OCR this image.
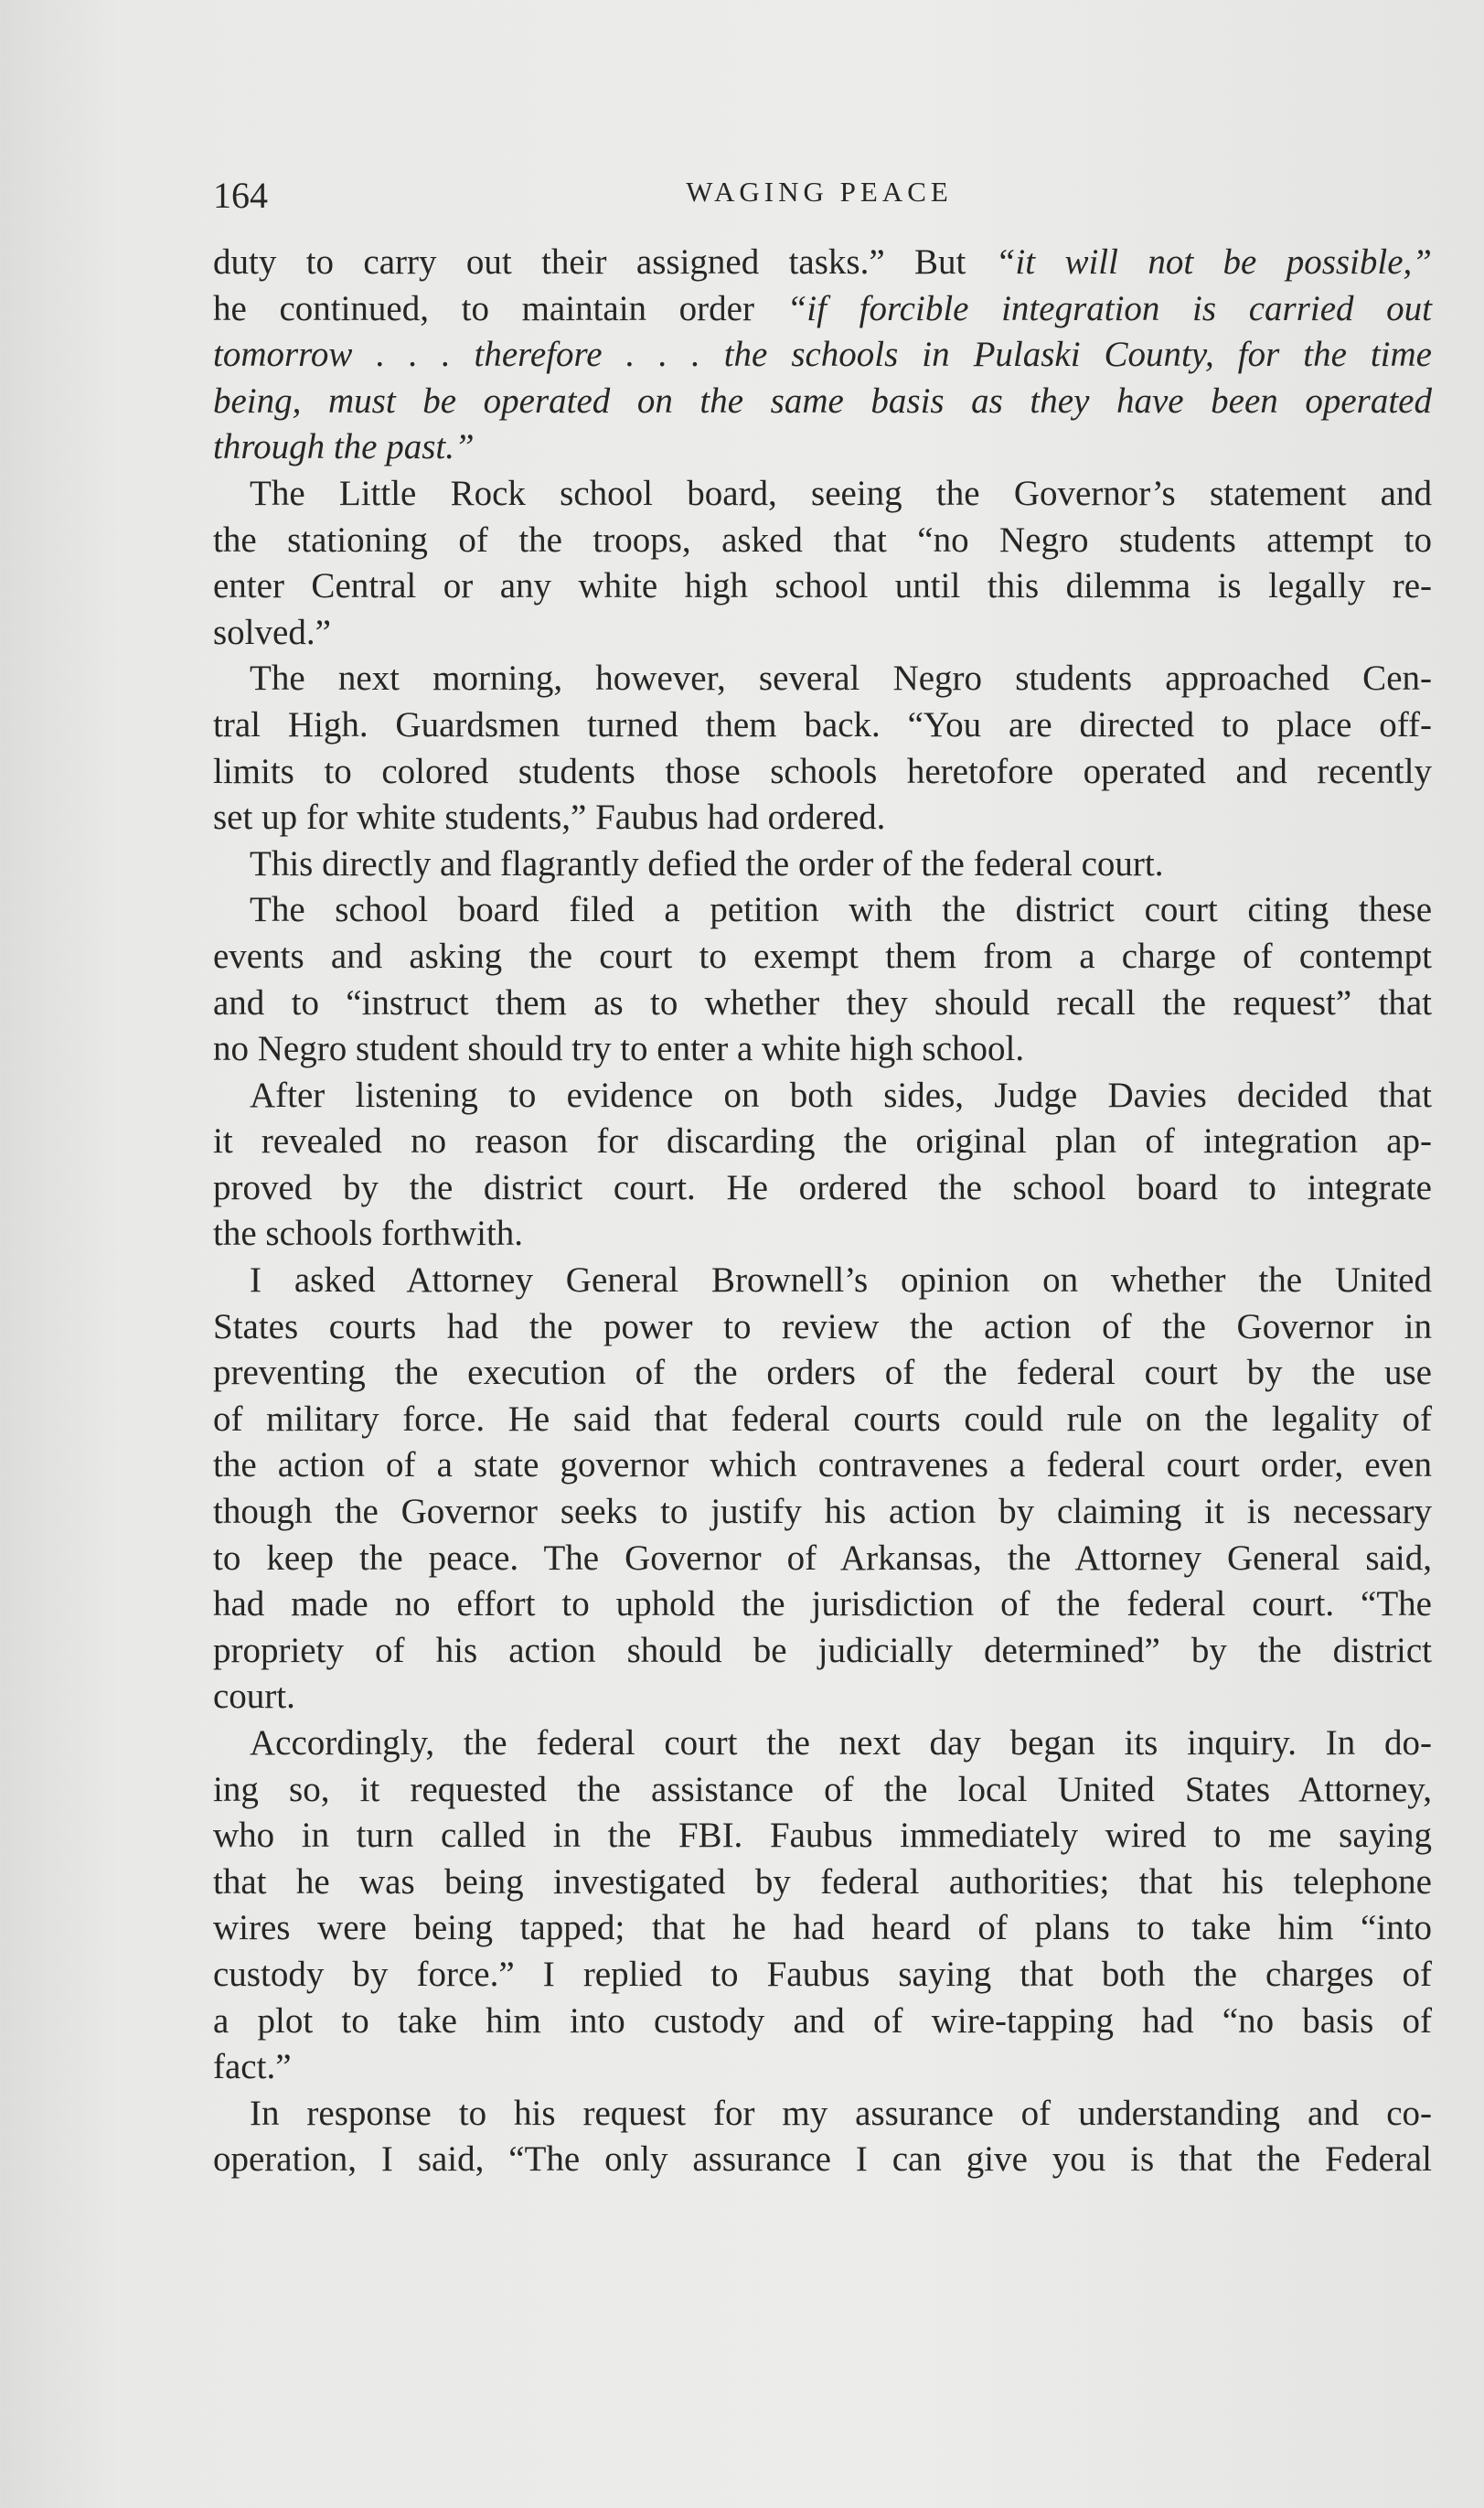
164	WAGING PEACE
duty to carry out their assigned tasks.” But “it will not be possible,”
he continued, to maintain order “if forcible integration is carried out
tomorrow . . . therefore . . . the schools in Pulaski County, for the time
being, must be operated on the same basis as they have been operated
through the past.”
The Little Rock school board, seeing the Governor’s statement and
the stationing of the troops, asked that “no Negro students attempt to
enter Central or any white high school until this dilemma is legally re-
solved.”
The next morning, however, several Negro students approached Cen-
tral High. Guardsmen turned them back. “You are directed to place off-
limits to colored students those schools heretofore operated and recently
set up for white students,” Faubus had ordered.
This directly and flagrantly defied the order of the federal court.
The school board filed a petition with the district court citing these
events and asking the court to exempt them from a charge of contempt
and to “instruct them as to whether they should recall the request” that
no Negro student should try to enter a white high school.
After listening to evidence on both sides, Judge Davies decided that
it revealed no reason for discarding the original plan of integration ap-
proved by the district court. He ordered the school board to integrate
the schools forthwith.
I asked Attorney General Brownell’s opinion on whether the United
States courts had the power to review the action of the Governor in
preventing the execution of the orders of the federal court by the use
of military force. He said that federal courts could rule on the legality of
the action of a state governor which contravenes a federal court order, even
though the Governor seeks to justify his action by claiming it is necessary
to keep the peace. The Governor of Arkansas, the Attorney General said,
had made no effort to uphold the jurisdiction of the federal court. “The
propriety of his action should be judicially determined” by the district
court.
Accordingly, the federal court the next day began its inquiry. In do-
ing so, it requested the assistance of the local United States Attorney,
who in turn called in the FBI. Faubus immediately wired to me saying
that he was being investigated by federal authorities; that his telephone
wires were being tapped; that he had heard of plans to take him “into
custody by force.” I replied to Faubus saying that both the charges of
a plot to take him into custody and of wire-tapping had “no basis of
fact.”
In response to his request for my assurance of understanding and co-
operation, I said, “The only assurance I can give you is that the Federal
